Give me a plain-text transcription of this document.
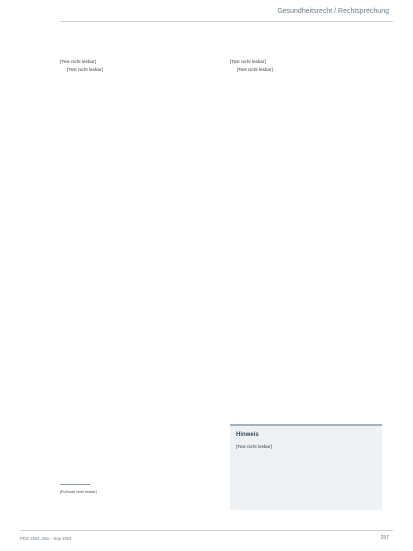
Gesundheitsrecht / Rechtsprechung

[Text nicht lesbar]

[Text nicht lesbar]

[Text nicht lesbar]

[Text nicht lesbar]

[Fußnote nicht lesbar]
Hinweis
[Text nicht lesbar]
PDG 2024, 26a – Sep 2024	257
